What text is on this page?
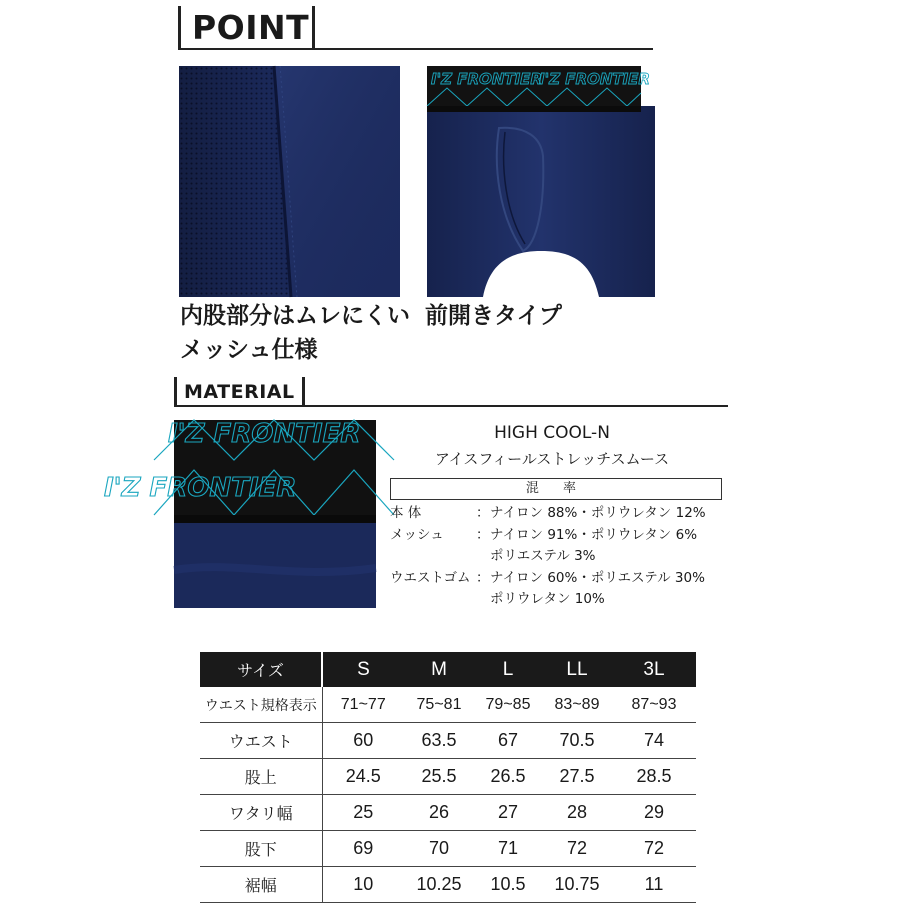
POINT
I'Z FRONTIER
I'Z FRONTIER
内股部分はムレにくい
メッシュ仕様
前開きタイプ
MATERIAL
I'Z FRONTIER
I'Z FRONTIER
HIGH COOL-N
アイスフィールストレッチスムース
混 率
本 体	：ナイロン 88%・ポリウレタン 12%
メッシュ ：ナイロン 91%・ポリウレタン 6%
ポリエステル 3%
ウエストゴム ：ナイロン 60%・ポリエステル 30%
ポリウレタン 10%
サイズ	S	M	L	LL	3L
ウエスト規格表示	71~77	75~81	79~85	83~89	87~93
ウエスト	60	63.5	67	70.5	74
股上	24.5	25.5	26.5	27.5	28.5
ワタリ幅	25	26	27	28	29
股下	69	70	71	72	72
裾幅	10	10.25	10.5	10.75	11
